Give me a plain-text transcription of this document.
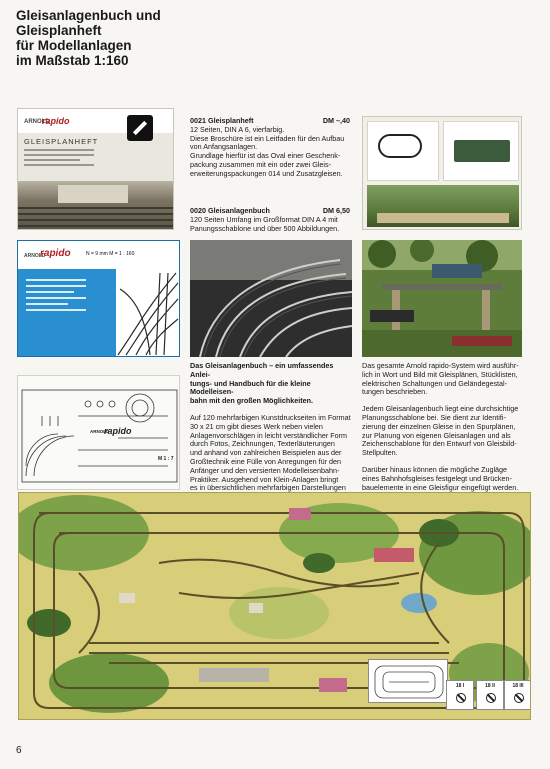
Gleisanlagenbuch und
Gleisplanheft
für Modellanlagen
im Maßstab 1:160
ARNOLD
rapido
GLEISPLANHEFT
0021 Gleisplanheft	DM –,40
12 Seiten, DIN A 6, vierfarbig.
Diese Broschüre ist ein Leitfaden für den Aufbau
von Anfangsanlagen.
Grundlage hierfür ist das Oval einer Geschenk-
packung zusammen mit ein oder zwei Gleis-
erweiterungspackungen 014 und Zusatzgleisen.
0020 Gleisanlagenbuch	DM 6,50
120 Seiten Umfang im Großformat DIN A 4 mit
Panungsschablone und über 500 Abbildungen.
ARNOLD
rapido	N = 9 mm M = 1 : 160
Das Gleisanlagenbuch – ein umfassendes Anlei-
tungs- und Handbuch für die kleine Modelleisen-
bahn mit den großen Möglichkeiten.
Auf 120 mehrfarbigen Kunstdruckseiten im Format
30 x 21 cm gibt dieses Werk neben vielen
Anlagenvorschlägen in leicht verständlicher Form
durch Fotos, Zeichnungen, Texterläuterungen
und anhand von zahlreichen Beispielen aus der
Großtechnik eine Fülle von Anregungen für den
Anfänger und den versierten Modelleisenbahn-
Praktiker. Ausgehend von Klein-Anlagen bringt
es in übersichtlichen mehrfarbigen Darstellungen

Das gesamte Arnold rapido-System wird ausführ-
lich in Wort und Bild mit Gleisplänen, Stücklisten,
elektrischen Schaltungen und Geländegestal-
tungen beschrieben.

Jedem Gleisanlagenbuch liegt eine durchsichtige
Planungsschablone bei. Sie dient zur Identifi-
zierung der einzelnen Gleise in den Spurplänen,
zur Planung von eigenen Gleisanlagen und als
Zeichenschablone für den Entwurf von Gleisbild-
Stellpulten.

Darüber hinaus können die mögliche Zugläge
eines Bahnhofsgleises festgelegt und Brücken-
bauelemente in eine Gleisfigur eingefügt werden.

ARNOLD
rapido
M 1 : 7
18 I	18 II	18 III
6
